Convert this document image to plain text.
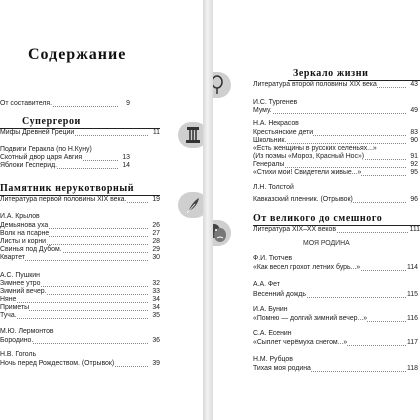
Содержание
От составителя.	9
Супергерои
Мифы Древней Греции	11
Подвиги Геракла (по Н.Куну)
Скотный двор царя Авгия	13
Яблоки Гесперид.	14
Памятник нерукотворный
Литература первой половины XIX века.	19
И.А. Крылов
Демьянова уха	26
Волк на псарне	27
Листы и корни	28
Свинья под Дубом.	29
Квартет	30
А.С. Пушкин
Зимнее утро	32
Зимний вечер.	33
Няне	34
Приметы	34
Туча.	35
М.Ю. Лермонтов
Бородино.	36
Н.В. Гоголь
Ночь перед Рождеством. (Отрывок)	39
Зеркало жизни
Литература второй половины XIX века	43
И.С. Тургенев
Муму.	49
Н.А. Некрасов
Крестьянские дети	83
Школьник.	90
«Есть женщины в русских селеньях...»
(Из поэмы «Мороз, Красный Нос»)	91
Генералы	92
«Стихи мои! Свидетели живые...»	95
Л.Н. Толстой
Кавказский пленник. (Отрывок)	96
От великого до смешного
Литература XIX–XX веков	111
МОЯ РОДИНА
Ф.И. Тютчев
«Как весел грохот летних бурь...»	114
А.А. Фет
Весенний дождь	115
И.А. Бунин
«Помню — долгий зимний вечер...»	116
С.А. Есенин
«Сыплет черёмуха снегом...»	117
Н.М. Рубцов
Тихая моя родина	118
